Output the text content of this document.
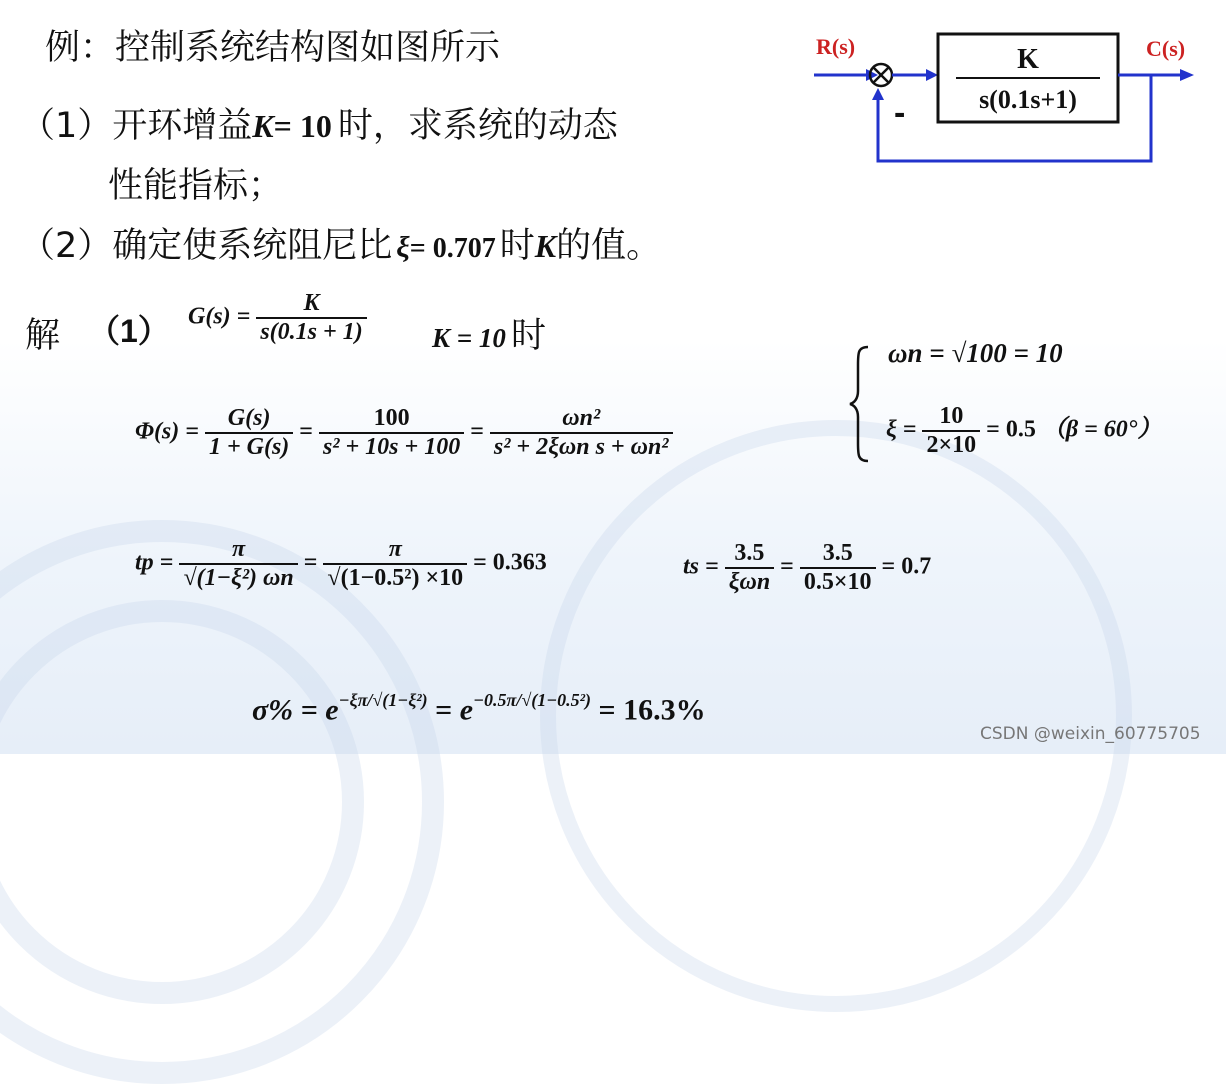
例：控制系统结构图如图所示
（1）开环增益K= 10 时，求系统的动态
性能指标；
（2）确定使系统阻尼比 ξ= 0.707 时K的值。
R(s)	K
s(0.1s+1)
C(s)
-
解 （1） $G(s) = \frac{K}{s(0.1s + 1)}$ K = 10 时
$\Phi(s) = \frac{G(s)}{1 + G(s)} = \frac{100}{\text{s² + 10s + 100}} = \frac{\text{ωn²}}{\text{s² + 2ξωn s + ωn²}}$
ωn = √100 = 10
$\xi = \frac{10}{2\times 10} = 0.5$ （β = 60°）
tp = $\frac{\pi}{\text{√(1−ξ²) ωn}} = \frac{\pi}{\text{√(1−0.5²) ×10}} = 0.363$	ts = $\frac{3.5}{\text{ξωn}} = \frac{3.5}{0.5\times 10} = 0.7$
$\sigma\% = e^{-\xi\pi/√(1-\xi^2)} = e^{-0.5\pi/√(1-0.5^2)} = 16.3\%$
CSDN @weixin_60775705
